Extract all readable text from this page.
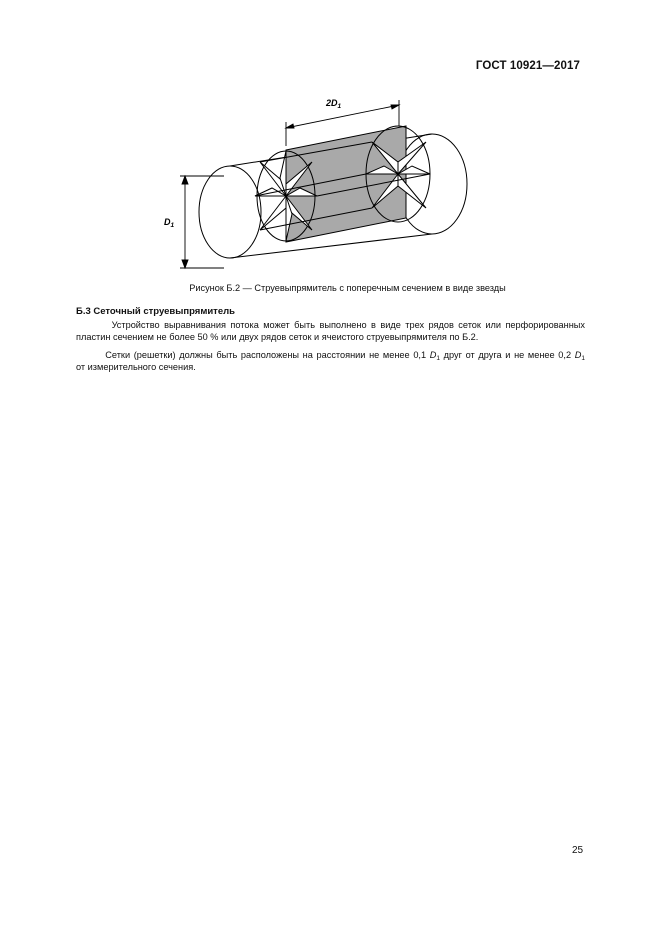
ГОСТ 10921—2017
$2D_1$
$D_1$
Рисунок Б.2 — Струевыпрямитель с поперечным сечением в виде звезды
Б.3 Сеточный струевыпрямитель
Устройство выравнивания потока может быть выполнено в виде трех рядов сеток или перфорированных
пластин сечением не более 50 % или двух рядов сеток и ячеистого струевыпрямителя по Б.2.
Сетки (решетки) должны быть расположены на расстоянии не менее 0,1 $D_1$ друг от друга и не менее 0,2 $D_1$
от измерительного сечения.
25
